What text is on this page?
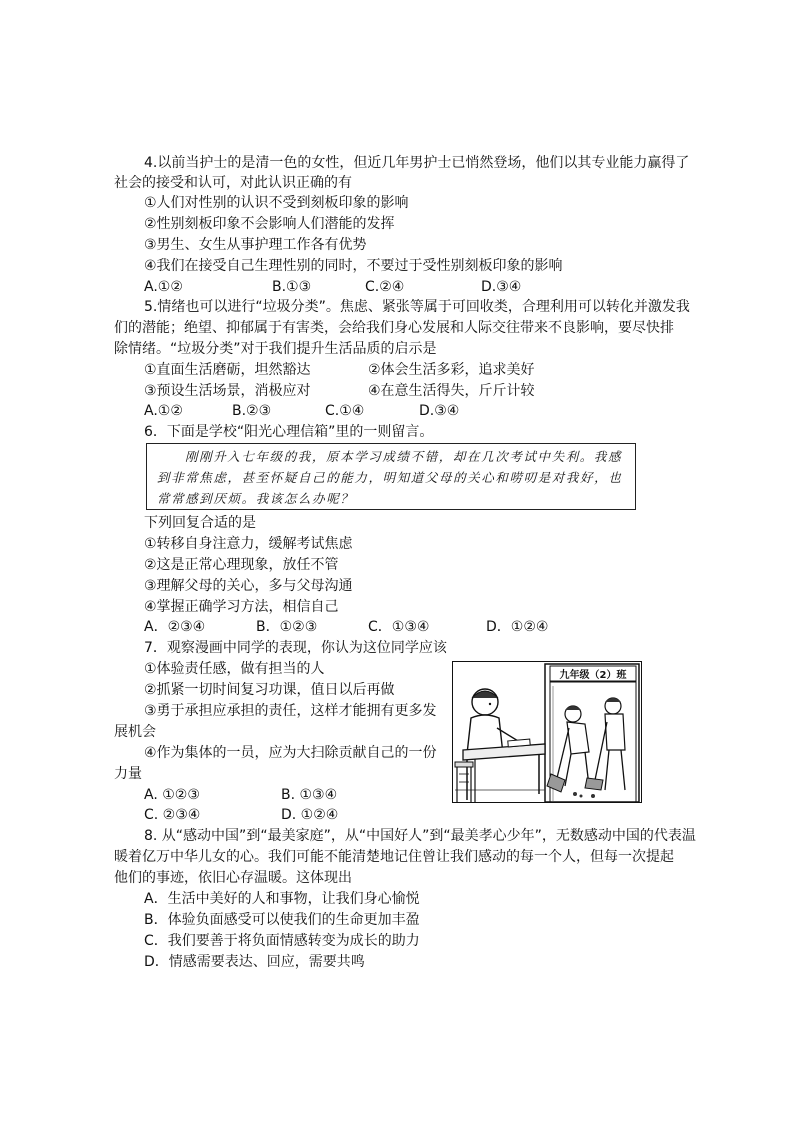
4.以前当护士的是清一色的女性，但近几年男护士已悄然登场，他们以其专业能力赢得了
社会的接受和认可，对此认识正确的有
①人们对性别的认识不受到刻板印象的影响
②性别刻板印象不会影响人们潜能的发挥
③男生、女生从事护理工作各有优势
④我们在接受自己生理性别的同时，不要过于受性别刻板印象的影响
A.①②	B.①③	C.②④	D.③④
5.情绪也可以进行“垃圾分类”。焦虑、紧张等属于可回收类，合理利用可以转化并激发我
们的潜能；绝望、抑郁属于有害类，会给我们身心发展和人际交往带来不良影响，要尽快排
除情绪。“垃圾分类”对于我们提升生活品质的启示是
①直面生活磨砺，坦然豁达	②体会生活多彩，追求美好
③预设生活场景，消极应对	④在意生活得失，斤斤计较
A.①②	B.②③	C.①④	D.③④
6．下面是学校“阳光心理信箱”里的一则留言。
刚刚升入七年级的我，原本学习成绩不错，却在几次考试中失利。我感
到非常焦虑，甚至怀疑自己的能力，明知道父母的关心和唠叨是对我好，也
常常感到厌烦。我该怎么办呢？
下列回复合适的是
①转移自身注意力，缓解考试焦虑
②这是正常心理现象，放任不管
③理解父母的关心，多与父母沟通
④掌握正确学习方法，相信自己
A．②③④	B．①②③	C．①③④	D．①②④
7．观察漫画中同学的表现，你认为这位同学应该
①体验责任感，做有担当的人
②抓紧一切时间复习功课，值日以后再做
③勇于承担应承担的责任，这样才能拥有更多发
展机会
④作为集体的一员，应为大扫除贡献自己的一份
力量
A. ①②③	B. ①③④
C. ②③④	D. ①②④
九年级（2）班
8. 从“感动中国”到“最美家庭”，从“中国好人”到“最美孝心少年”，无数感动中国的代表温
暖着亿万中华儿女的心。我们可能不能清楚地记住曾让我们感动的每一个人，但每一次提起
他们的事迹，依旧心存温暖。这体现出
A．生活中美好的人和事物，让我们身心愉悦
B．体验负面感受可以使我们的生命更加丰盈
C．我们要善于将负面情感转变为成长的助力
D．情感需要表达、回应，需要共鸣
